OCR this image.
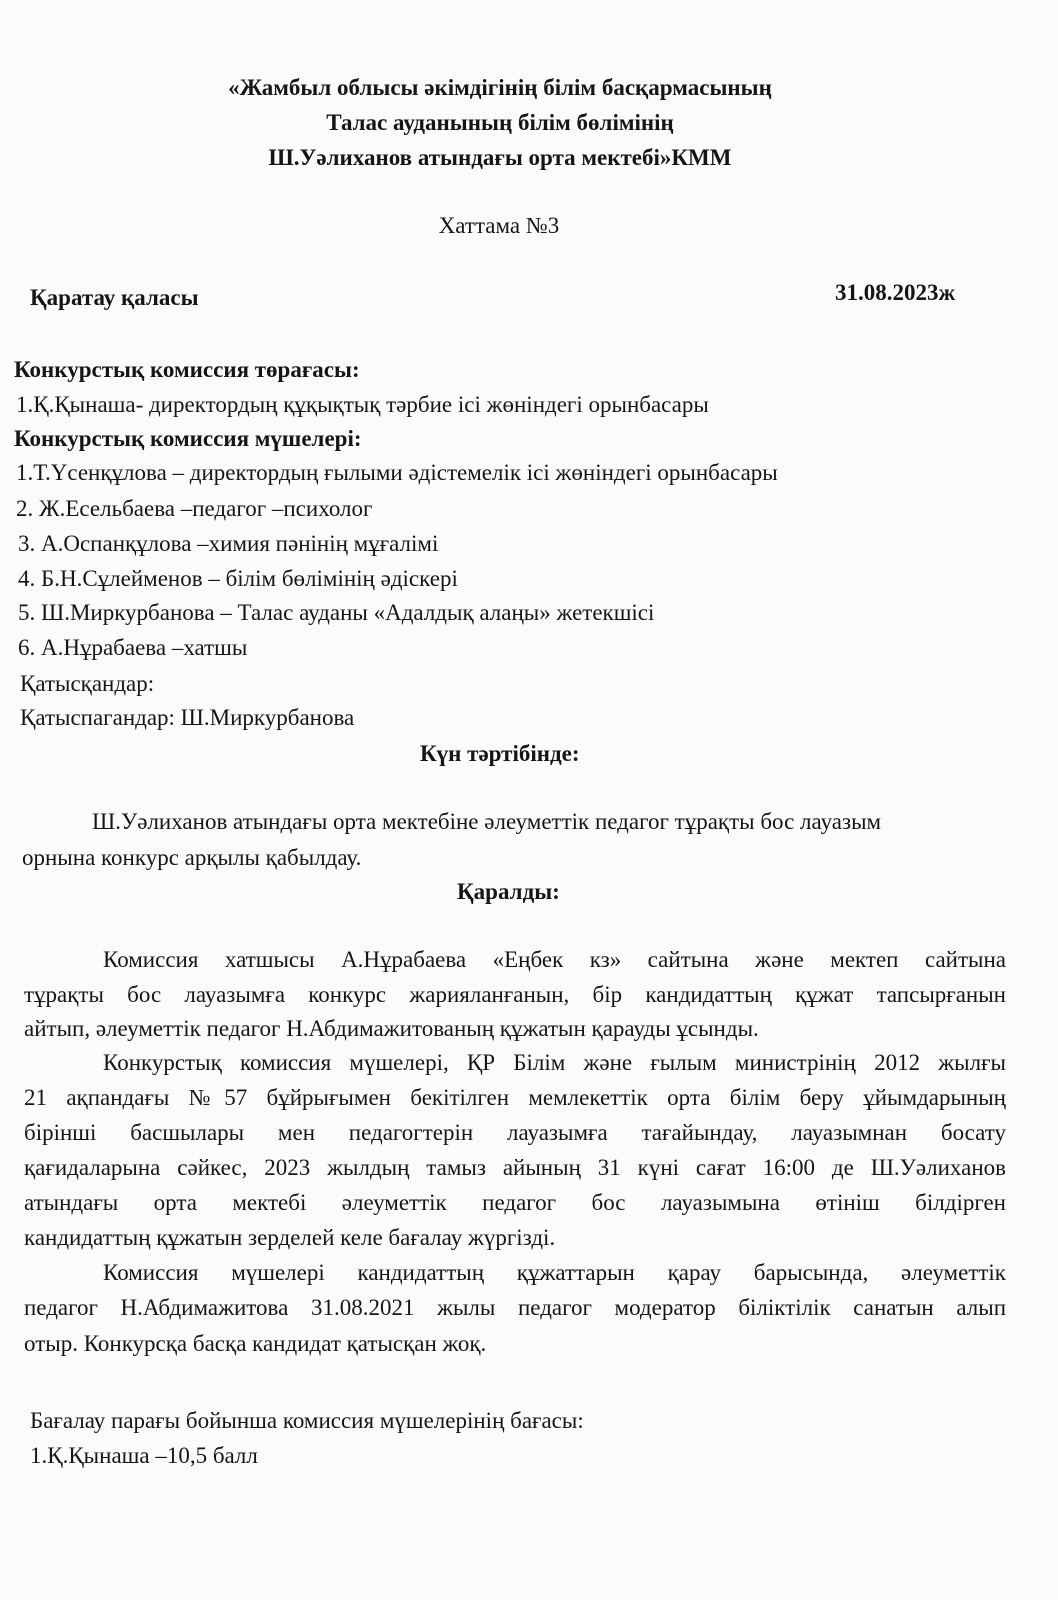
«Жамбыл облысы әкімдігінің білім басқармасының
Талас ауданының білім бөлімінің
Ш.Уәлиханов атындағы орта мектебі»КММ
Хаттама №3
Қаратау қаласы	31.08.2023ж
Конкурстық комиссия төрағасы:
1.Қ.Қынаша- директордың құқықтық тәрбие ісі жөніндегі орынбасары
Конкурстық комиссия мүшелері:
1.Т.Үсенқұлова – директордың ғылыми әдістемелік ісі жөніндегі орынбасары
2. Ж.Есельбаева –педагог –психолог
3. А.Оспанқұлова –химия пәнінің мұғалімі
4. Б.Н.Сұлейменов – білім бөлімінің әдіскері
5. Ш.Миркурбанова – Талас ауданы «Адалдық алаңы» жетекшісі
6. А.Нұрабаева –хатшы
Қатысқандар:
Қатыспагандар: Ш.Миркурбанова
Күн тәртібінде:
Ш.Уәлиханов атындағы орта мектебіне әлеуметтік педагог тұрақты бос лауазым
орнына конкурс арқылы қабылдау.
Қаралды:
Комиссия хатшысы А.Нұрабаева «Еңбек кз» сайтына және мектеп сайтына
тұрақты бос лауазымға конкурс жарияланғанын, бір кандидаттың құжат тапсырғанын
айтып, әлеуметтік педагог Н.Абдимажитованың құжатын қарауды ұсынды.
Конкурстық комиссия мүшелері, ҚР Білім және ғылым министрінің 2012 жылғы
21 ақпандағы №57 бұйрығымен бекітілген мемлекеттік орта білім беру ұйымдарының
бірінші басшылары мен педагогтерін лауазымға тағайындау, лауазымнан босату
қағидаларына сәйкес, 2023 жылдың тамыз айының 31 күні сағат 16:00 де Ш.Уәлиханов
атындағы орта мектебі әлеуметтік педагог бос лауазымына өтініш білдірген
кандидаттың құжатын зерделей келе бағалау жүргізді.
Комиссия мүшелері кандидаттың құжаттарын қарау барысында, әлеуметтік
педагог Н.Абдимажитова 31.08.2021 жылы педагог модератор біліктілік санатын алып
отыр. Конкурсқа басқа кандидат қатысқан жоқ.
Бағалау парағы бойынша комиссия мүшелерінің бағасы:
1.Қ.Қынаша –10,5 балл
